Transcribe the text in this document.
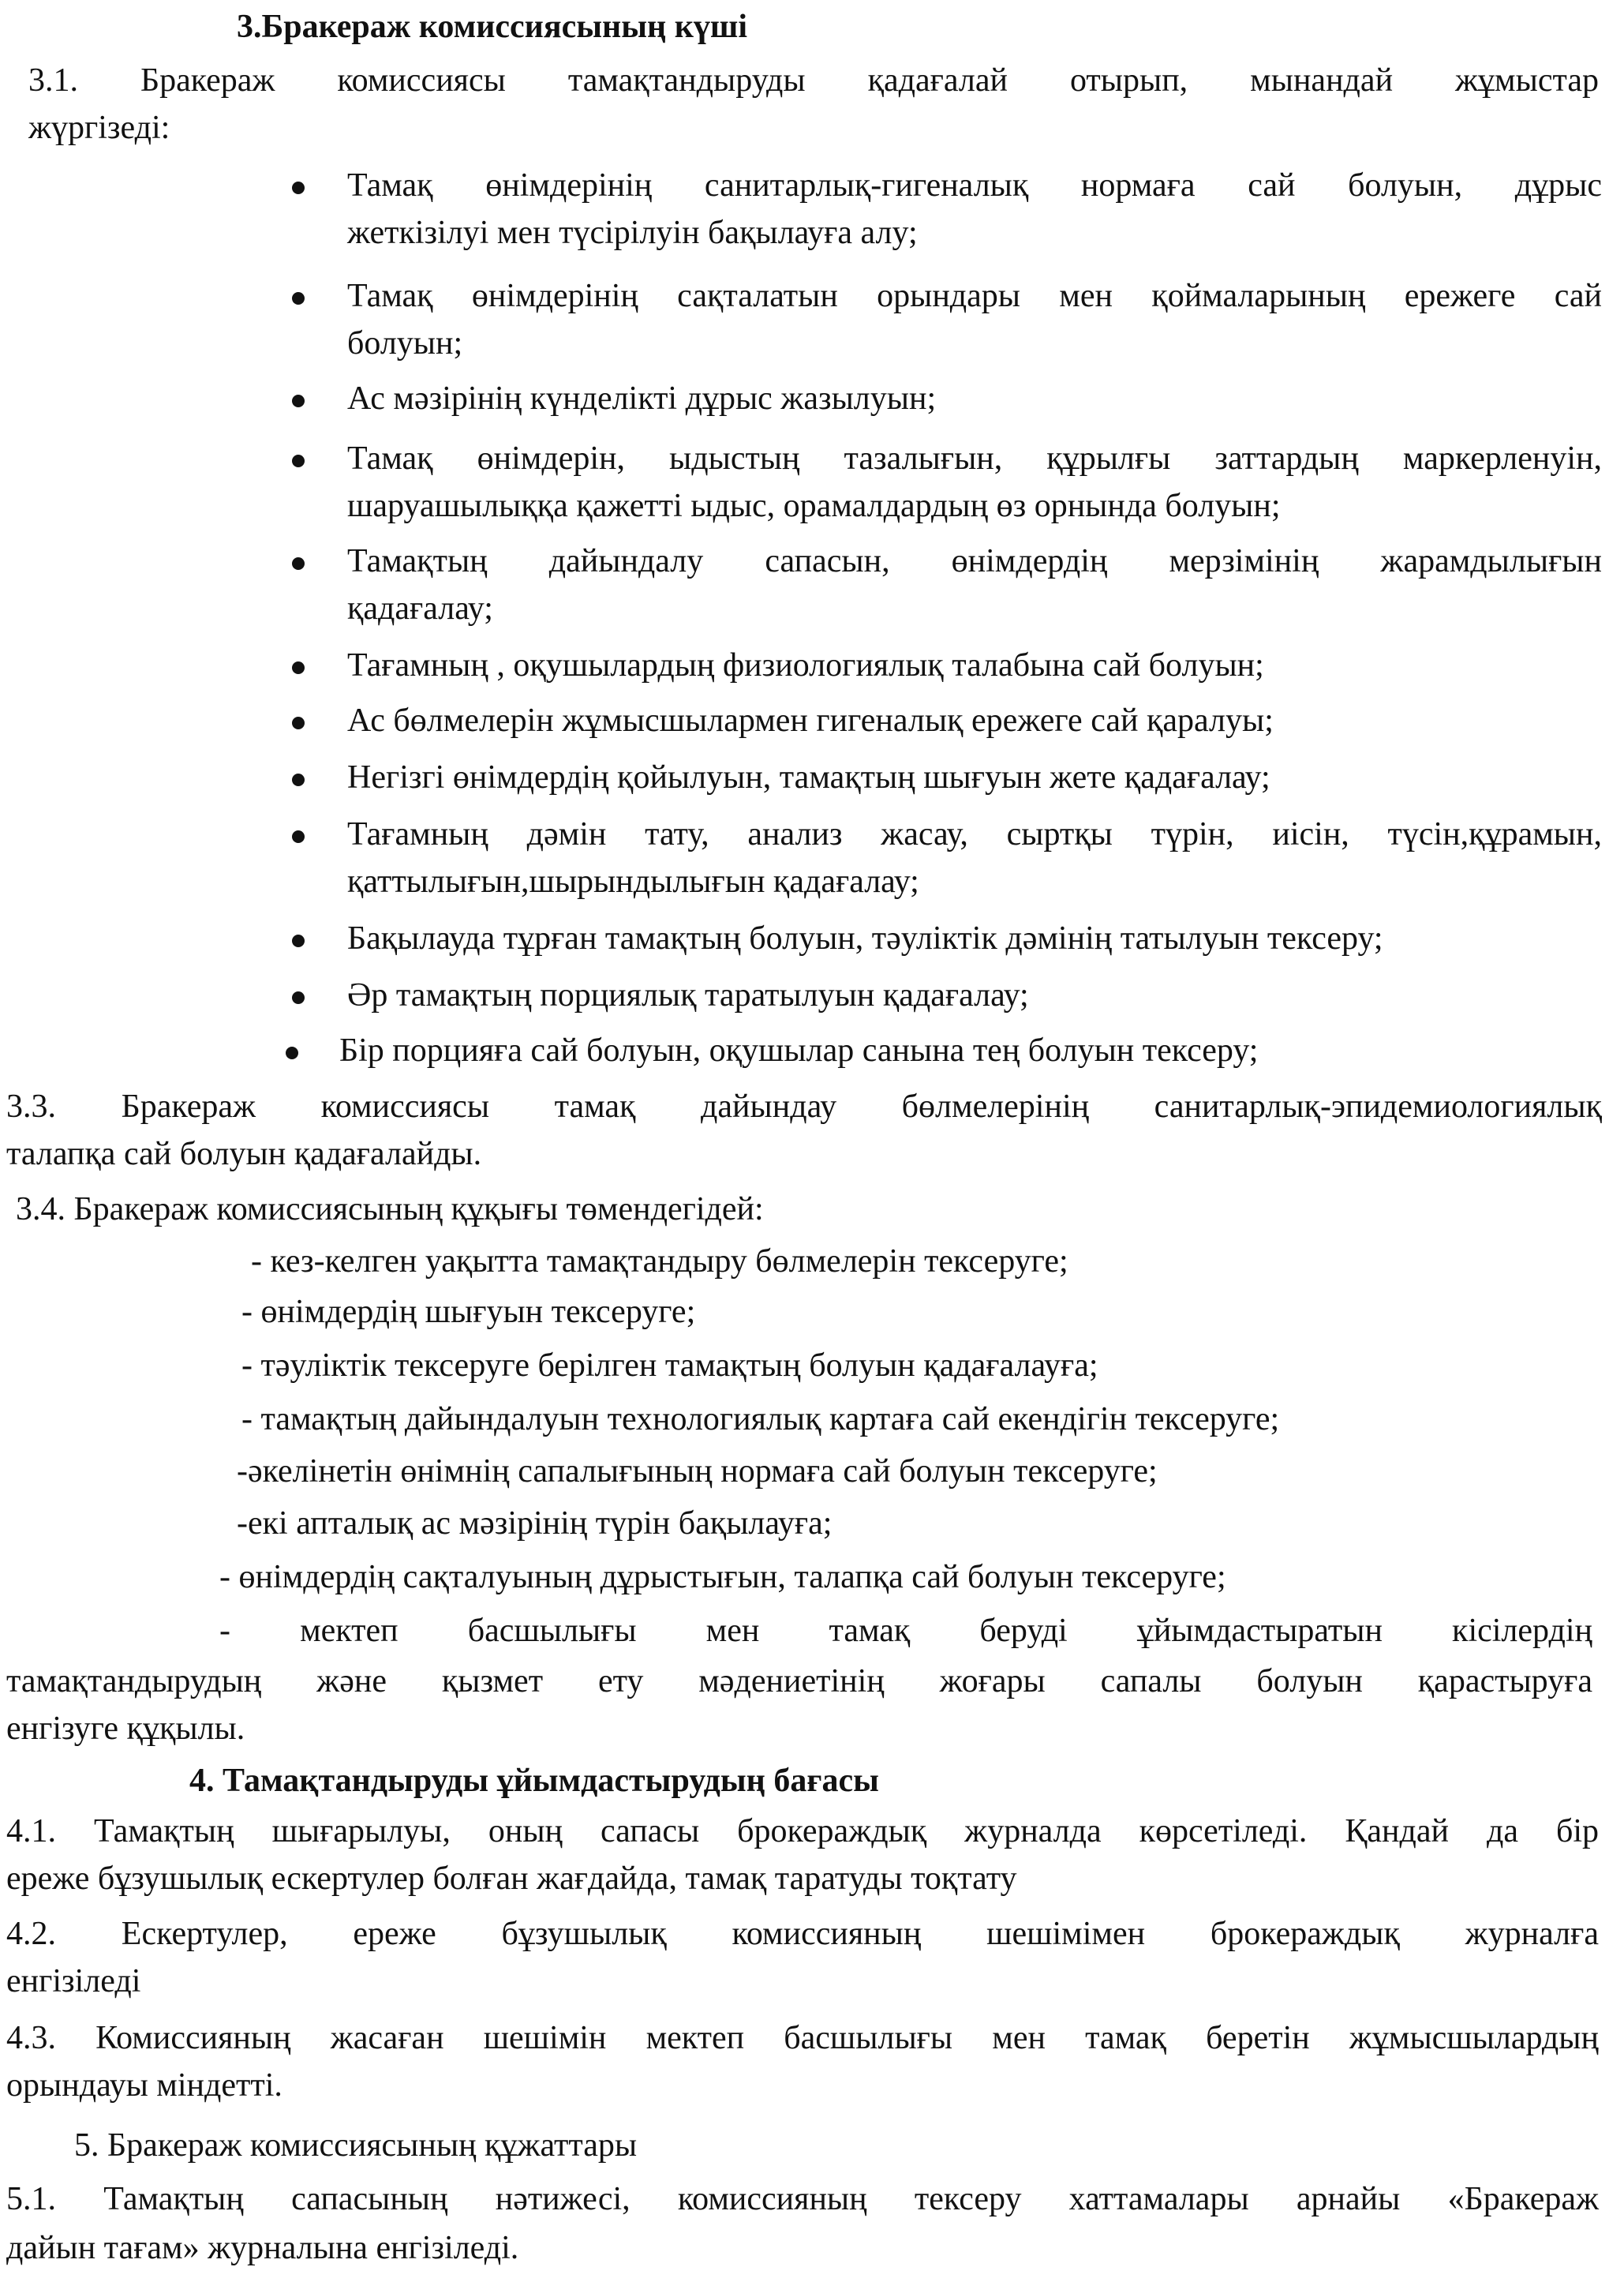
3.Бракераж комиссиясының күші
3.1. Бракераж комиссиясы тамақтандыруды қадағалай отырып, мынандай жұмыстар
жүргізеді:
Тамақ өнімдерінің санитарлық-гигеналық нормаға сай болуын, дұрыс
жеткізілуі мен түсірілуін бақылауға алу;
Тамақ өнімдерінің сақталатын орындары мен қоймаларының ережеге сай
болуын;
Ас мәзірінің күнделікті дұрыс жазылуын;
Тамақ өнімдерін, ыдыстың тазалығын, құрылғы заттардың маркерленуін,
шаруашылыққа қажетті ыдыс, орамалдардың өз орнында болуын;
Тамақтың дайындалу сапасын, өнімдердің мерзімінің жарамдылығын
қадағалау;
Тағамның , оқушылардың физиологиялық талабына сай болуын;
Ас бөлмелерін жұмысшылармен гигеналық ережеге сай қаралуы;
Негізгі өнімдердің қойылуын, тамақтың шығуын жете қадағалау;
Тағамның дәмін тату, анализ жасау, сыртқы түрін, иісін, түсін,құрамын,
қаттылығын,шырындылығын қадағалау;
Бақылауда тұрған тамақтың болуын, тәуліктік дәмінің татылуын тексеру;
Әр тамақтың порциялық таратылуын қадағалау;
Бір порцияға сай болуын, оқушылар санына тең болуын тексеру;
3.3. Бракераж комиссиясы тамақ дайындау бөлмелерінің санитарлық-эпидемиологиялық
талапқа сай болуын қадағалайды.
3.4. Бракераж комиссиясының құқығы төмендегідей:
- кез-келген уақытта тамақтандыру бөлмелерін тексеруге;
- өнімдердің шығуын тексеруге;
- тәуліктік тексеруге берілген тамақтың болуын қадағалауға;
- тамақтың дайындалуын технологиялық картаға сай екендігін тексеруге;
-әкелінетін өнімнің сапалығының нормаға сай болуын тексеруге;
-екі апталық ас мәзірінің түрін бақылауға;
- өнімдердің сақталуының дұрыстығын, талапқа сай болуын тексеруге;
- мектеп басшылығы мен тамақ беруді ұйымдастыратын кісілердің
тамақтандырудың және қызмет ету мәдениетінің жоғары сапалы болуын қарастыруға
енгізуге құқылы.
4. Тамақтандыруды ұйымдастырудың бағасы
4.1. Тамақтың шығарылуы, оның сапасы брокераждық журналда көрсетіледі. Қандай да бір
ереже бұзушылық ескертулер болған жағдайда, тамақ таратуды тоқтату
4.2. Ескертулер, ереже бұзушылық комиссияның шешімімен брокераждық журналға
енгізіледі
4.3. Комиссияның жасаған шешімін мектеп басшылығы мен тамақ беретін жұмысшылардың
орындауы міндетті.
5. Бракераж комиссиясының құжаттары
5.1. Тамақтың сапасының нәтижесі, комиссияның тексеру хаттамалары арнайы «Бракераж
дайын тағам» журналына енгізіледі.
